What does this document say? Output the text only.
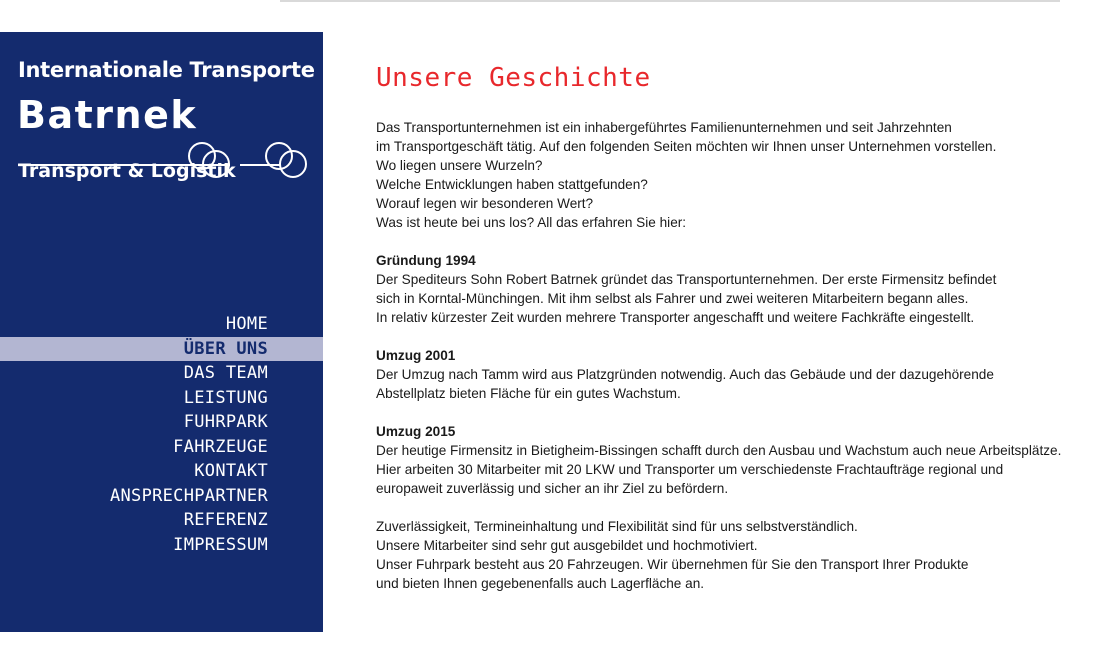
Internationale Transporte
Batrnek
Transport & Logistik
HOME
ÜBER UNS
DAS TEAM
LEISTUNG
FUHRPARK
FAHRZEUGE
KONTAKT
ANSPRECHPARTNER
REFERENZ
IMPRESSUM
Unsere Geschichte

Das Transportunternehmen ist ein inhabergeführtes Familienunternehmen und seit Jahrzehnten
im Transportgeschäft tätig. Auf den folgenden Seiten möchten wir Ihnen unser Unternehmen vorstellen.
Wo liegen unsere Wurzeln?
Welche Entwicklungen haben stattgefunden?
Worauf legen wir besonderen Wert?
Was ist heute bei uns los? All das erfahren Sie hier:

Gründung 1994
Der Spediteurs Sohn Robert Batrnek gründet das Transportunternehmen. Der erste Firmensitz befindet
sich in Korntal-Münchingen. Mit ihm selbst als Fahrer und zwei weiteren Mitarbeitern begann alles.
In relativ kürzester Zeit wurden mehrere Transporter angeschafft und weitere Fachkräfte eingestellt.

Umzug 2001
Der Umzug nach Tamm wird aus Platzgründen notwendig. Auch das Gebäude und der dazugehörende
Abstellplatz bieten Fläche für ein gutes Wachstum.

Umzug 2015
Der heutige Firmensitz in Bietigheim-Bissingen schafft durch den Ausbau und Wachstum auch neue Arbeitsplätze.
Hier arbeiten 30 Mitarbeiter mit 20 LKW und Transporter um verschiedenste Frachtaufträge regional und
europaweit zuverlässig und sicher an ihr Ziel zu befördern.

Zuverlässigkeit, Termineinhaltung und Flexibilität sind für uns selbstverständlich.
Unsere Mitarbeiter sind sehr gut ausgebildet und hochmotiviert.
Unser Fuhrpark besteht aus 20 Fahrzeugen. Wir übernehmen für Sie den Transport Ihrer Produkte
und bieten Ihnen gegebenenfalls auch Lagerfläche an.
